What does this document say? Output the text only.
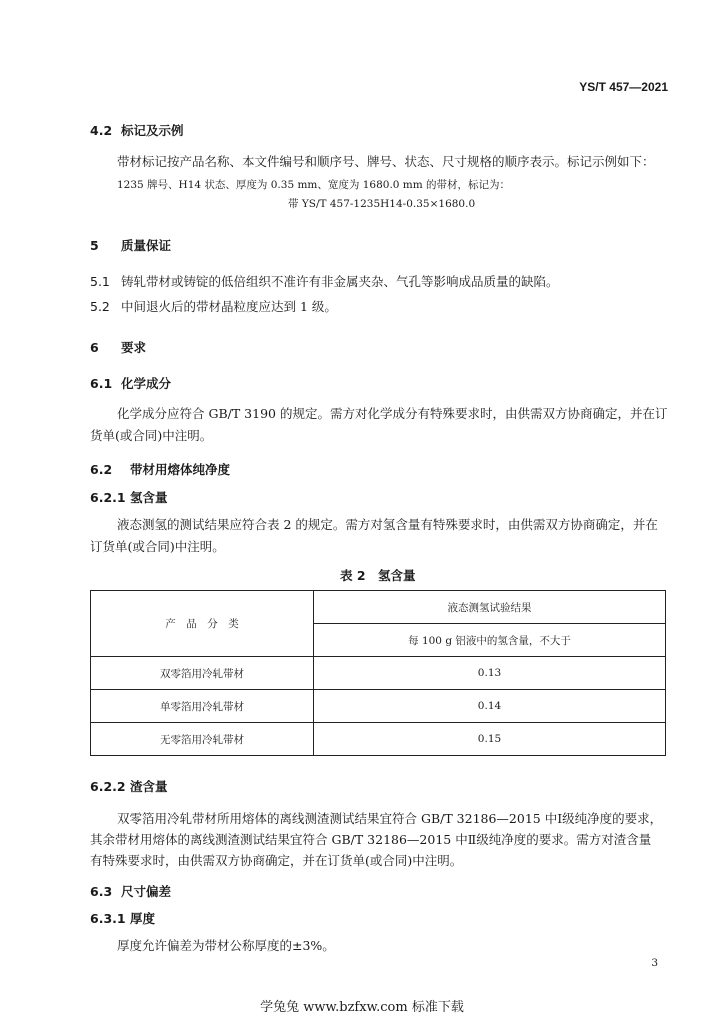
YS/T 457—2021
4.2 标记及示例
带材标记按产品名称、本文件编号和顺序号、牌号、状态、尺寸规格的顺序表示。标记示例如下：
1235 牌号、H14 状态、厚度为 0.35 mm、宽度为 1680.0 mm 的带材，标记为：
带 YS/T 457-1235H14-0.35×1680.0
5 质量保证
5.1 铸轧带材或铸锭的低倍组织不准许有非金属夹杂、气孔等影响成品质量的缺陷。
5.2 中间退火后的带材晶粒度应达到 1 级。
6 要求
6.1 化学成分
化学成分应符合 GB/T 3190 的规定。需方对化学成分有特殊要求时，由供需双方协商确定，并在订
货单(或合同)中注明。
6.2 带材用熔体纯净度
6.2.1 氢含量
液态测氢的测试结果应符合表 2 的规定。需方对氢含量有特殊要求时，由供需双方协商确定，并在
订货单(或合同)中注明。
表 2　氢含量
产　品　分　类	液态测氢试验结果
	每 100 g 铝液中的氢含量，不大于
双零箔用冷轧带材	0.13
单零箔用冷轧带材	0.14
无零箔用冷轧带材	0.15
6.2.2 渣含量
双零箔用冷轧带材所用熔体的离线测渣测试结果宜符合 GB/T 32186—2015 中Ⅰ级纯净度的要求，
其余带材用熔体的离线测渣测试结果宜符合 GB/T 32186—2015 中Ⅱ级纯净度的要求。需方对渣含量
有特殊要求时，由供需双方协商确定，并在订货单(或合同)中注明。
6.3 尺寸偏差
6.3.1 厚度
厚度允许偏差为带材公称厚度的±3%。
3
学兔兔 www.bzfxw.com 标准下载
